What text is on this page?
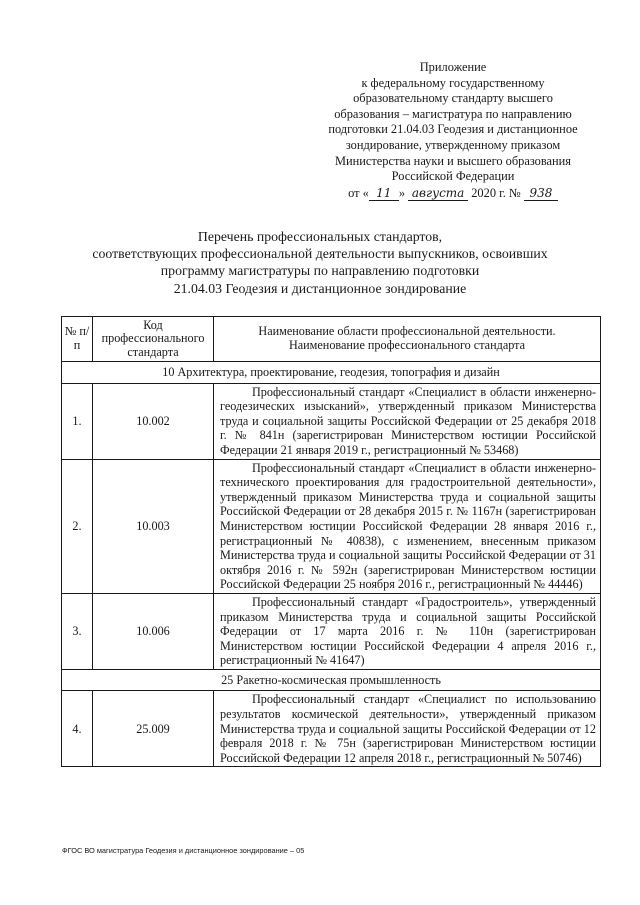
Приложение
к федеральному государственному
образовательному стандарту высшего
образования – магистратура по направлению
подготовки 21.04.03 Геодезия и дистанционное
зондирование, утвержденному приказом
Министерства науки и высшего образования
Российской Федерации
от « 11 » августа 2020 г. № 938
Перечень профессиональных стандартов,
соответствующих профессиональной деятельности выпускников, освоивших
программу магистратуры по направлению подготовки
21.04.03 Геодезия и дистанционное зондирование
№ п/п	Код профессионального стандарта	Наименование области профессиональной деятельности. Наименование профессионального стандарта
10 Архитектура, проектирование, геодезия, топография и дизайн		
1.	10.002	Профессиональный стандарт «Специалист в области инженерно-геодезических изысканий», утвержденный приказом Министерства труда и социальной защиты Российской Федерации от 25 декабря 2018 г. № 841н (зарегистрирован Министерством юстиции Российской Федерации 21 января 2019 г., регистрационный № 53468)
2.	10.003	Профессиональный стандарт «Специалист в области инженерно-технического проектирования для градостроительной деятельности», утвержденный приказом Министерства труда и социальной защиты Российской Федерации от 28 декабря 2015 г. № 1167н (зарегистрирован Министерством юстиции Российской Федерации 28 января 2016 г., регистрационный № 40838), с изменением, внесенным приказом Министерства труда и социальной защиты Российской Федерации от 31 октября 2016 г. № 592н (зарегистрирован Министерством юстиции Российской Федерации 25 ноября 2016 г., регистрационный № 44446)
3.	10.006	Профессиональный стандарт «Градостроитель», утвержденный приказом Министерства труда и социальной защиты Российской Федерации от 17 марта 2016 г. № 110н (зарегистрирован Министерством юстиции Российской Федерации 4 апреля 2016 г., регистрационный № 41647)
25 Ракетно-космическая промышленность		
4.	25.009	Профессиональный стандарт «Специалист по использованию результатов космической деятельности», утвержденный приказом Министерства труда и социальной защиты Российской Федерации от 12 февраля 2018 г. № 75н (зарегистрирован Министерством юстиции Российской Федерации 12 апреля 2018 г., регистрационный № 50746)
ФГОС ВО магистратура Геодезия и дистанционное зондирование – 05
